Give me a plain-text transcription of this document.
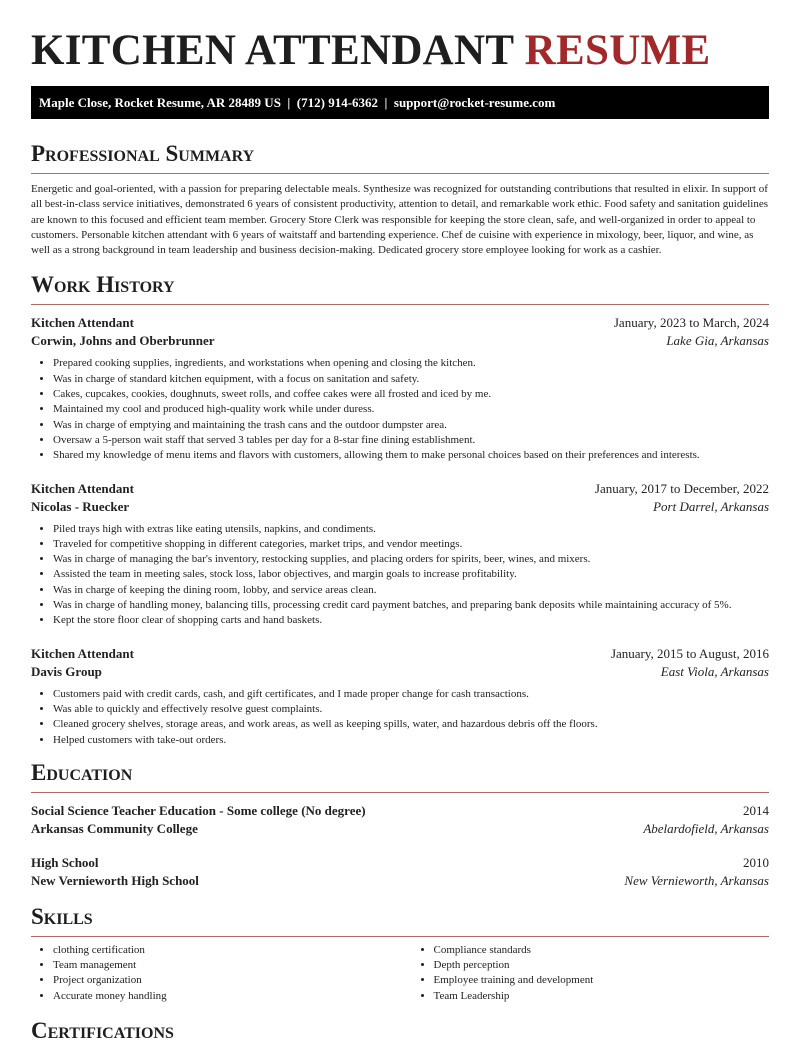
KITCHEN ATTENDANT RESUME
Maple Close, Rocket Resume, AR 28489 US  |  (712) 914-6362  |  support@rocket-resume.com
Professional Summary
Energetic and goal-oriented, with a passion for preparing delectable meals. Synthesize was recognized for outstanding contributions that resulted in elixir. In support of all best-in-class service initiatives, demonstrated 6 years of consistent productivity, attention to detail, and remarkable work ethic. Food safety and sanitation guidelines are known to this focused and efficient team member. Grocery Store Clerk was responsible for keeping the store clean, safe, and well-organized in order to appeal to customers. Personable kitchen attendant with 6 years of waitstaff and bartending experience. Chef de cuisine with experience in mixology, beer, liquor, and wine, as well as a strong background in team leadership and business decision-making. Dedicated grocery store employee looking for work as a cashier.
Work History
Kitchen Attendant	January, 2023 to March, 2024
Corwin, Johns and Oberbrunner	Lake Gia, Arkansas
• Prepared cooking supplies, ingredients, and workstations when opening and closing the kitchen.
• Was in charge of standard kitchen equipment, with a focus on sanitation and safety.
• Cakes, cupcakes, cookies, doughnuts, sweet rolls, and coffee cakes were all frosted and iced by me.
• Maintained my cool and produced high-quality work while under duress.
• Was in charge of emptying and maintaining the trash cans and the outdoor dumpster area.
• Oversaw a 5-person wait staff that served 3 tables per day for a 8-star fine dining establishment.
• Shared my knowledge of menu items and flavors with customers, allowing them to make personal choices based on their preferences and interests.
Kitchen Attendant	January, 2017 to December, 2022
Nicolas - Ruecker	Port Darrel, Arkansas
• Piled trays high with extras like eating utensils, napkins, and condiments.
• Traveled for competitive shopping in different categories, market trips, and vendor meetings.
• Was in charge of managing the bar's inventory, restocking supplies, and placing orders for spirits, beer, wines, and mixers.
• Assisted the team in meeting sales, stock loss, labor objectives, and margin goals to increase profitability.
• Was in charge of keeping the dining room, lobby, and service areas clean.
• Was in charge of handling money, balancing tills, processing credit card payment batches, and preparing bank deposits while maintaining accuracy of 5%.
• Kept the store floor clear of shopping carts and hand baskets.
Kitchen Attendant	January, 2015 to August, 2016
Davis Group	East Viola, Arkansas
• Customers paid with credit cards, cash, and gift certificates, and I made proper change for cash transactions.
• Was able to quickly and effectively resolve guest complaints.
• Cleaned grocery shelves, storage areas, and work areas, as well as keeping spills, water, and hazardous debris off the floors.
• Helped customers with take-out orders.
Education
Social Science Teacher Education - Some college (No degree)	2014
Arkansas Community College	Abelardofield, Arkansas
High School	2010
New Vernieworth High School	New Vernieworth, Arkansas
Skills
• clothing certification
• Team management
• Project organization
• Accurate money handling
• Compliance standards
• Depth perception
• Employee training and development
• Team Leadership
Certifications
